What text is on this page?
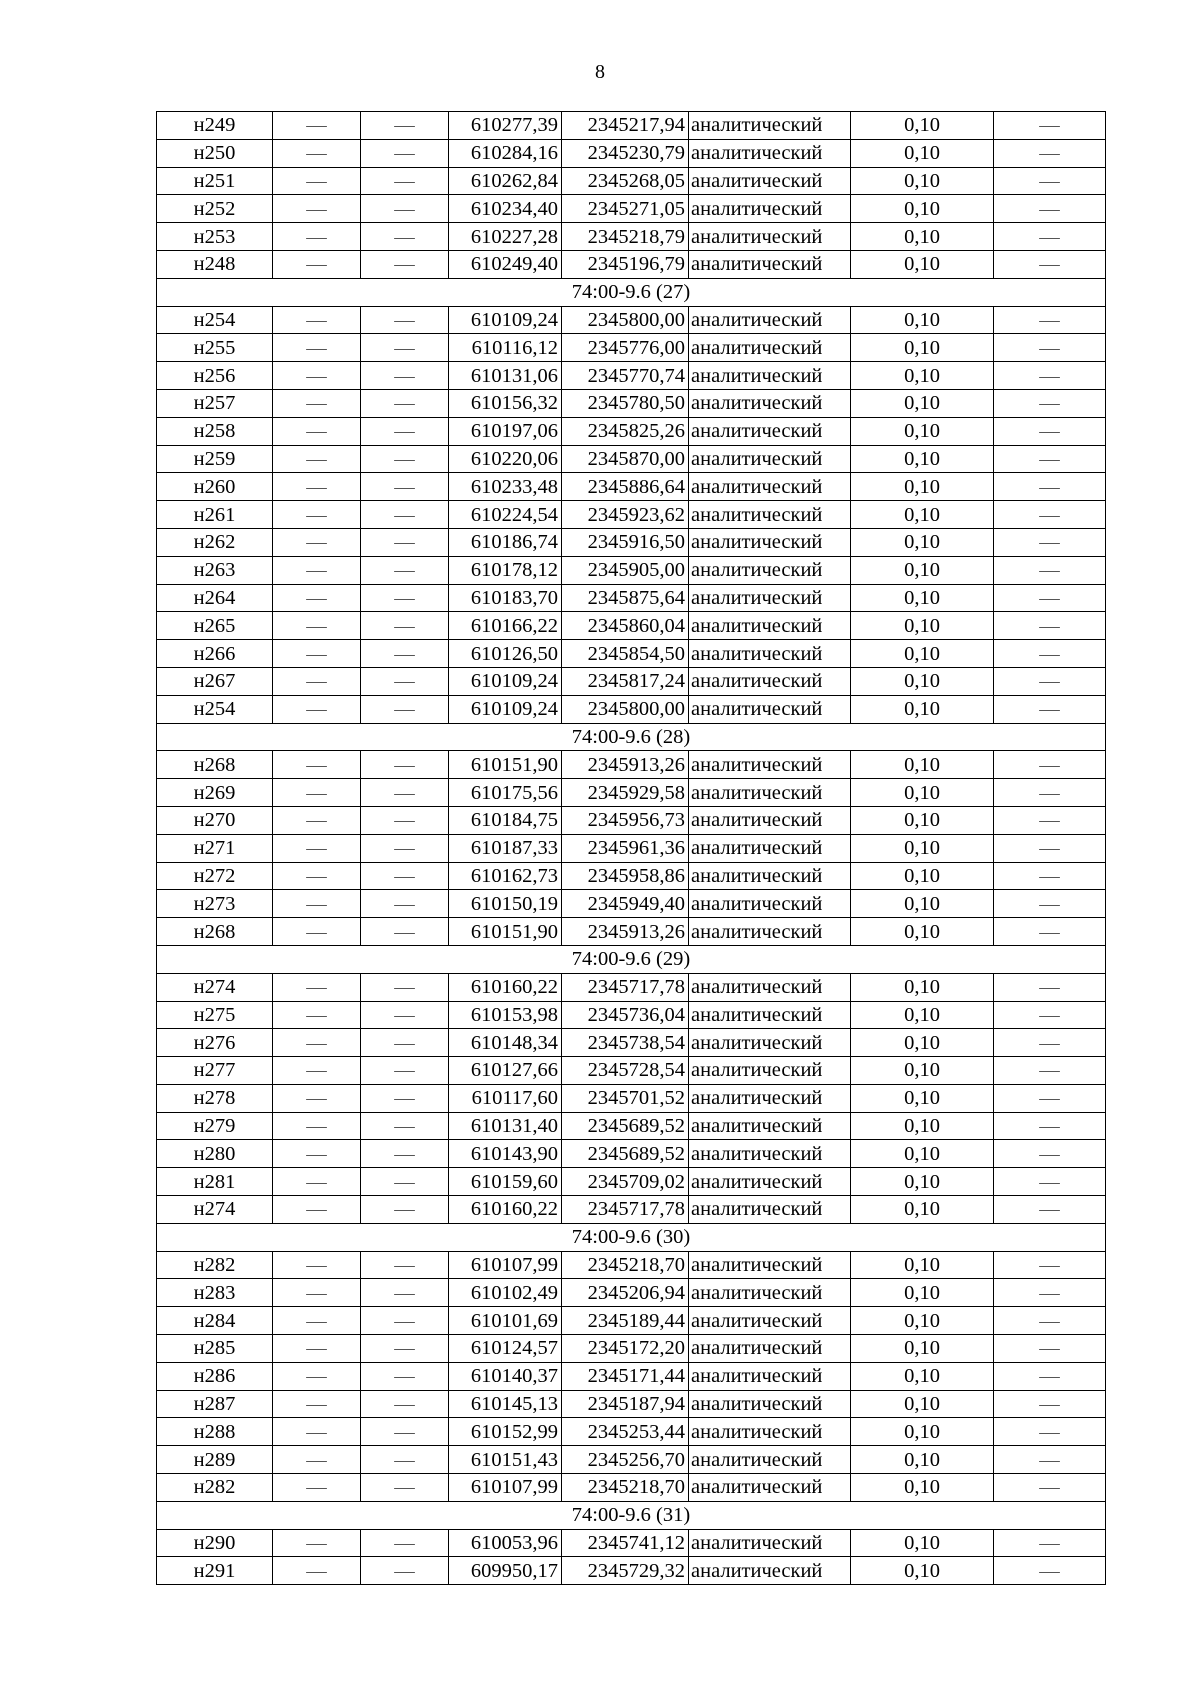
8
н249	—	—	610277,39	2345217,94	аналитический	0,10	—
н250	—	—	610284,16	2345230,79	аналитический	0,10	—
н251	—	—	610262,84	2345268,05	аналитический	0,10	—
н252	—	—	610234,40	2345271,05	аналитический	0,10	—
н253	—	—	610227,28	2345218,79	аналитический	0,10	—
н248	—	—	610249,40	2345196,79	аналитический	0,10	—
74:00-9.6 (27)							
н254	—	—	610109,24	2345800,00	аналитический	0,10	—
н255	—	—	610116,12	2345776,00	аналитический	0,10	—
н256	—	—	610131,06	2345770,74	аналитический	0,10	—
н257	—	—	610156,32	2345780,50	аналитический	0,10	—
н258	—	—	610197,06	2345825,26	аналитический	0,10	—
н259	—	—	610220,06	2345870,00	аналитический	0,10	—
н260	—	—	610233,48	2345886,64	аналитический	0,10	—
н261	—	—	610224,54	2345923,62	аналитический	0,10	—
н262	—	—	610186,74	2345916,50	аналитический	0,10	—
н263	—	—	610178,12	2345905,00	аналитический	0,10	—
н264	—	—	610183,70	2345875,64	аналитический	0,10	—
н265	—	—	610166,22	2345860,04	аналитический	0,10	—
н266	—	—	610126,50	2345854,50	аналитический	0,10	—
н267	—	—	610109,24	2345817,24	аналитический	0,10	—
н254	—	—	610109,24	2345800,00	аналитический	0,10	—
74:00-9.6 (28)							
н268	—	—	610151,90	2345913,26	аналитический	0,10	—
н269	—	—	610175,56	2345929,58	аналитический	0,10	—
н270	—	—	610184,75	2345956,73	аналитический	0,10	—
н271	—	—	610187,33	2345961,36	аналитический	0,10	—
н272	—	—	610162,73	2345958,86	аналитический	0,10	—
н273	—	—	610150,19	2345949,40	аналитический	0,10	—
н268	—	—	610151,90	2345913,26	аналитический	0,10	—
74:00-9.6 (29)							
н274	—	—	610160,22	2345717,78	аналитический	0,10	—
н275	—	—	610153,98	2345736,04	аналитический	0,10	—
н276	—	—	610148,34	2345738,54	аналитический	0,10	—
н277	—	—	610127,66	2345728,54	аналитический	0,10	—
н278	—	—	610117,60	2345701,52	аналитический	0,10	—
н279	—	—	610131,40	2345689,52	аналитический	0,10	—
н280	—	—	610143,90	2345689,52	аналитический	0,10	—
н281	—	—	610159,60	2345709,02	аналитический	0,10	—
н274	—	—	610160,22	2345717,78	аналитический	0,10	—
74:00-9.6 (30)							
н282	—	—	610107,99	2345218,70	аналитический	0,10	—
н283	—	—	610102,49	2345206,94	аналитический	0,10	—
н284	—	—	610101,69	2345189,44	аналитический	0,10	—
н285	—	—	610124,57	2345172,20	аналитический	0,10	—
н286	—	—	610140,37	2345171,44	аналитический	0,10	—
н287	—	—	610145,13	2345187,94	аналитический	0,10	—
н288	—	—	610152,99	2345253,44	аналитический	0,10	—
н289	—	—	610151,43	2345256,70	аналитический	0,10	—
н282	—	—	610107,99	2345218,70	аналитический	0,10	—
74:00-9.6 (31)							
н290	—	—	610053,96	2345741,12	аналитический	0,10	—
н291	—	—	609950,17	2345729,32	аналитический	0,10	—
